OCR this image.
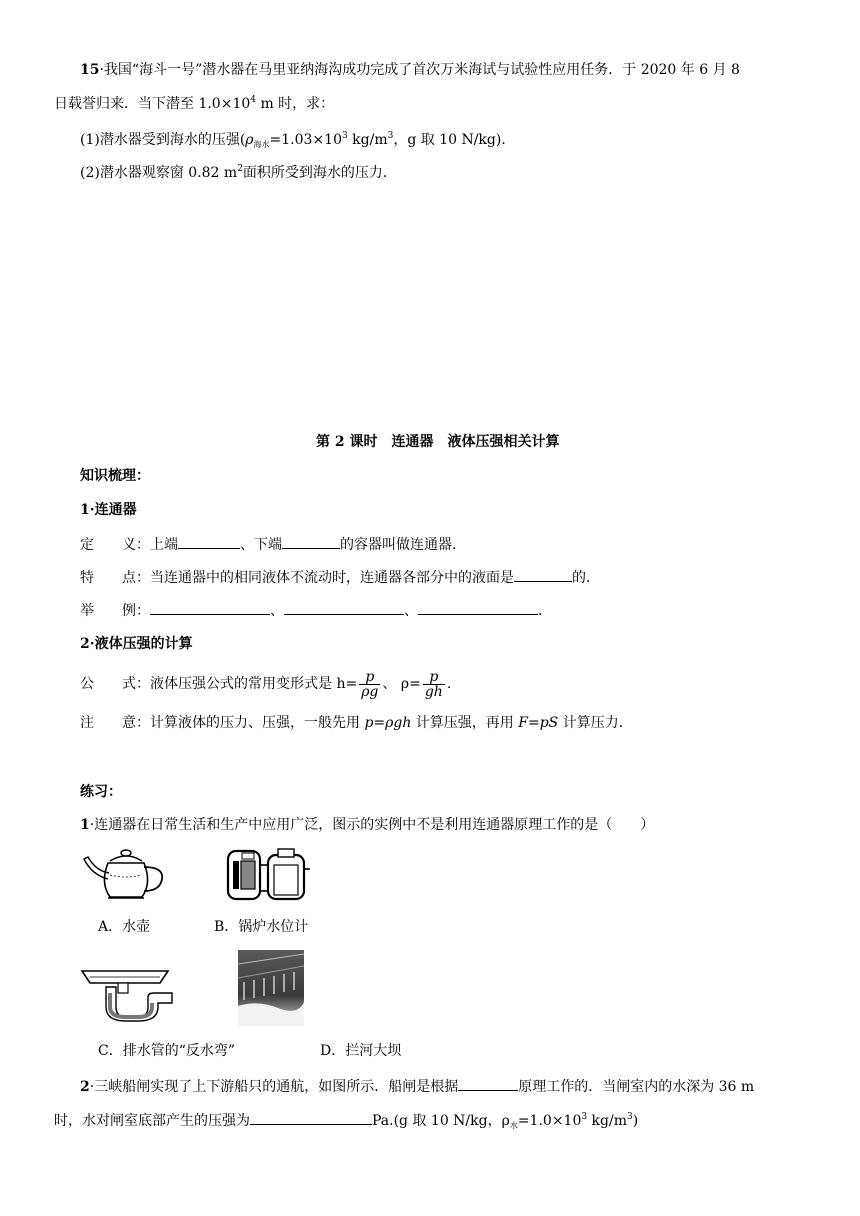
15·我国“海斗一号”潜水器在马里亚纳海沟成功完成了首次万米海试与试验性应用任务．于 2020 年 6 月 8
日载誉归来．当下潜至 $1.0\times 10^4$ m 时，求：
(1)潜水器受到海水的压强($\rho_{海水}=1.03\times 10^3$ $kg/m^3$，g 取 10 N/kg)．
(2)潜水器观察窗 0.82 $m^2$面积所受到海水的压力．
第 2 课时　连通器　液体压强相关计算
知识梳理：
1·连通器
定　　义：上端	、下端	的容器叫做连通器．
特　　点：当连通器中的相同液体不流动时，连通器各部分中的液面是	的．
举　　例：	、	、	．
2·液体压强的计算
公　　式：液体压强公式的常用变形式是 $h= \frac{p}{\rho g}$ 、 $\rho= \frac{p}{gh}$ .
注　　意：计算液体的压力、压强，一般先用 p=ρgh 计算压强，再用 F=pS 计算压力．
练习：
1·连通器在日常生活和生产中应用广泛，图示的实例中不是利用连通器原理工作的是（　　）
A．水壶	B．锅炉水位计
C．排水管的“反水弯”	D．拦河大坝
2·三峡船闸实现了上下游船只的通航，如图所示．船闸是根据	原理工作的．当闸室内的水深为 36 m
时，水对闸室底部产生的压强为	Pa.(g 取 10 N/kg，$\rho_水=1.0\times 10^3$ $kg/m^3$)
